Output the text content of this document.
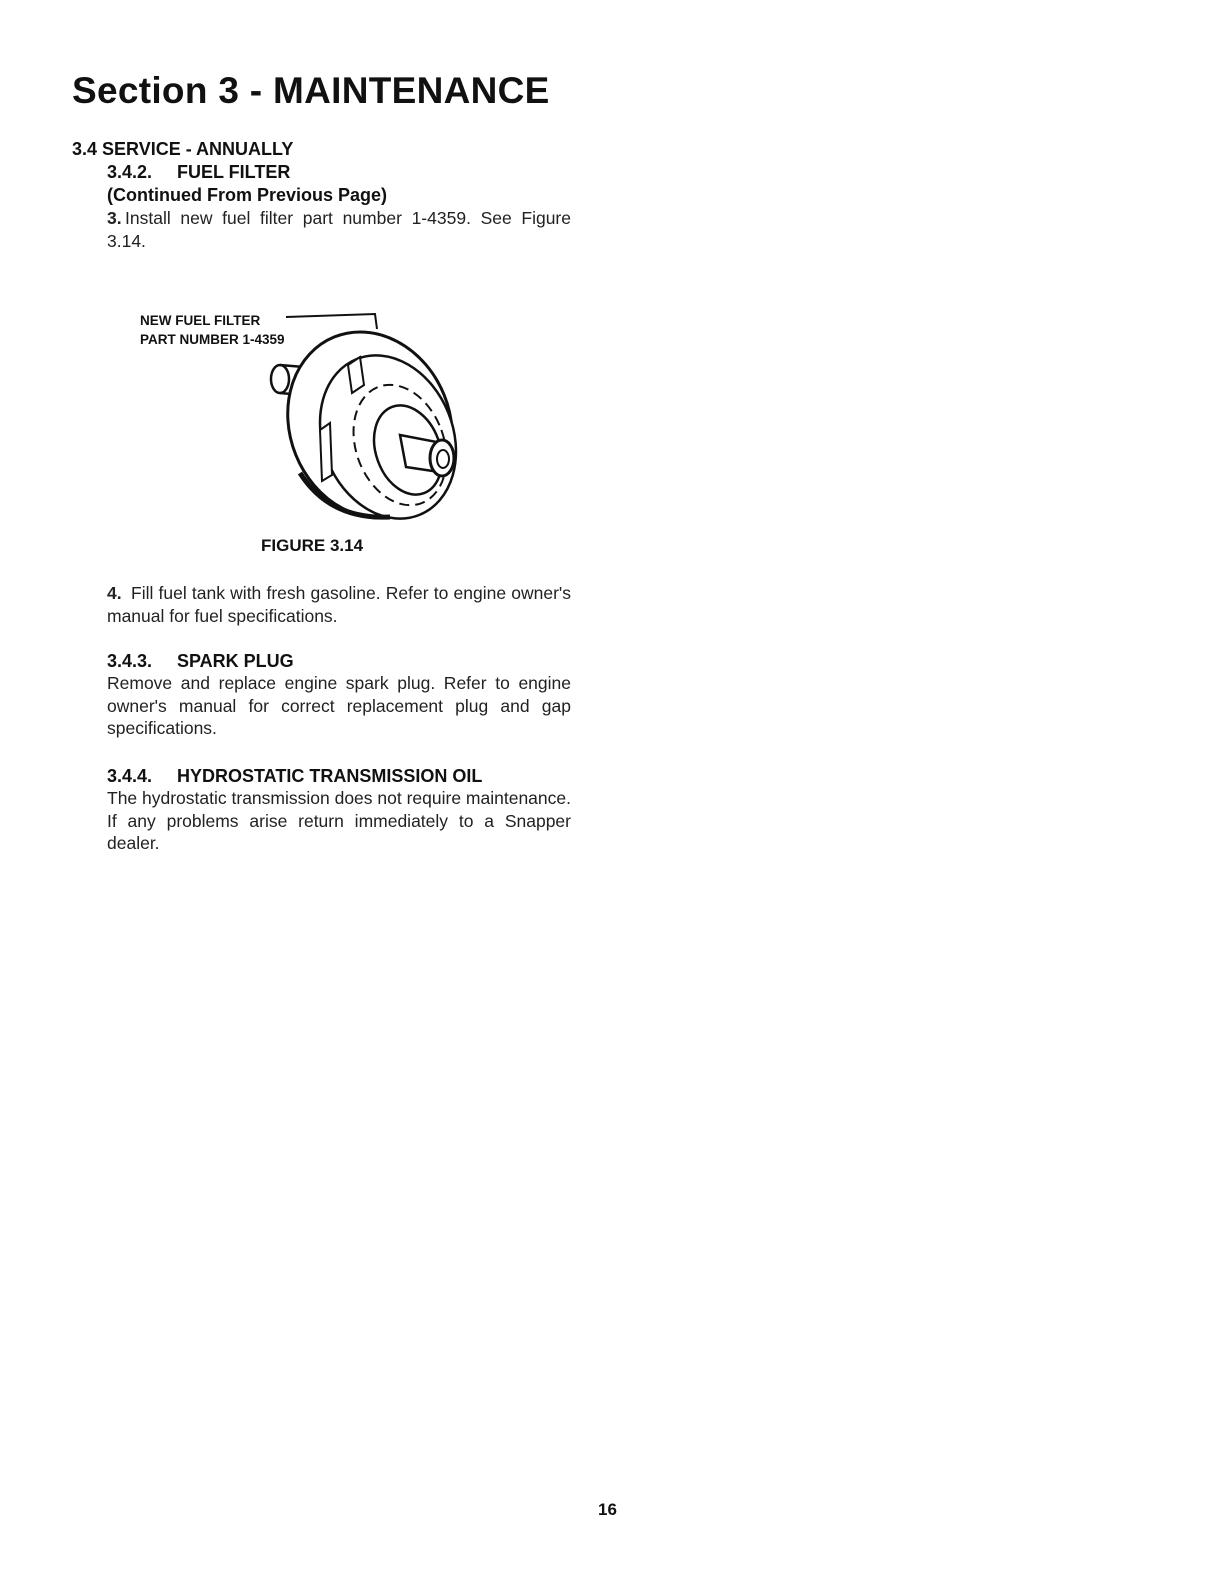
Section 3 - MAINTENANCE
3.4 SERVICE - ANNUALLY
3.4.2. FUEL FILTER
(Continued From Previous Page)
3. Install new fuel filter part number 1-4359. See Figure 3.14.
NEW FUEL FILTER
PART NUMBER 1-4359
FIGURE 3.14
4. Fill fuel tank with fresh gasoline. Refer to engine owner's manual for fuel specifications.
3.4.3. SPARK PLUG
Remove and replace engine spark plug. Refer to engine owner's manual for correct replacement plug and gap specifications.
3.4.4. HYDROSTATIC TRANSMISSION OIL
The hydrostatic transmission does not require maintenance. If any problems arise return immediately to a Snapper dealer.
16
